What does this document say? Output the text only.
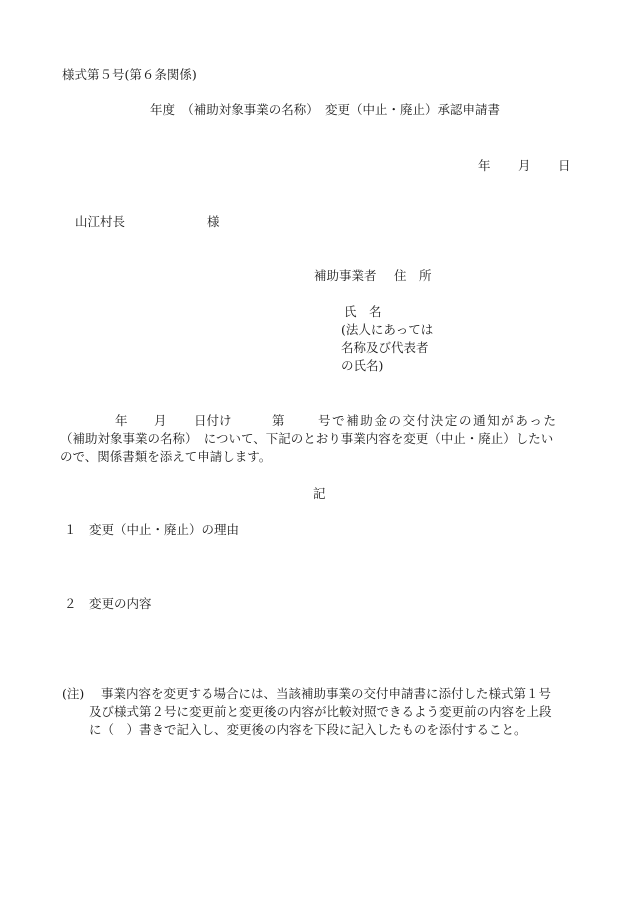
様式第５号(第６条関係)
年度　（補助対象事業の名称）　変更（中止・廃止）承認申請書
年 月 日
山江村長	様
補助事業者 住　所
氏　名
(法人にあっては
名称及び代表者
の氏名)
年 月 日付け	第	号で補助金の交付決定の通知があった
（補助対象事業の名称）　について、下記のとおり事業内容を変更（中止・廃止）したい
ので、関係書類を添えて申請します。
記
１ 変更（中止・廃止）の理由
２ 変更の内容
(注) 事業内容を変更する場合には、当該補助事業の交付申請書に添付した様式第１号
及び様式第２号に変更前と変更後の内容が比較対照できるよう変更前の内容を上段
に（　）書きで記入し、変更後の内容を下段に記入したものを添付すること。
